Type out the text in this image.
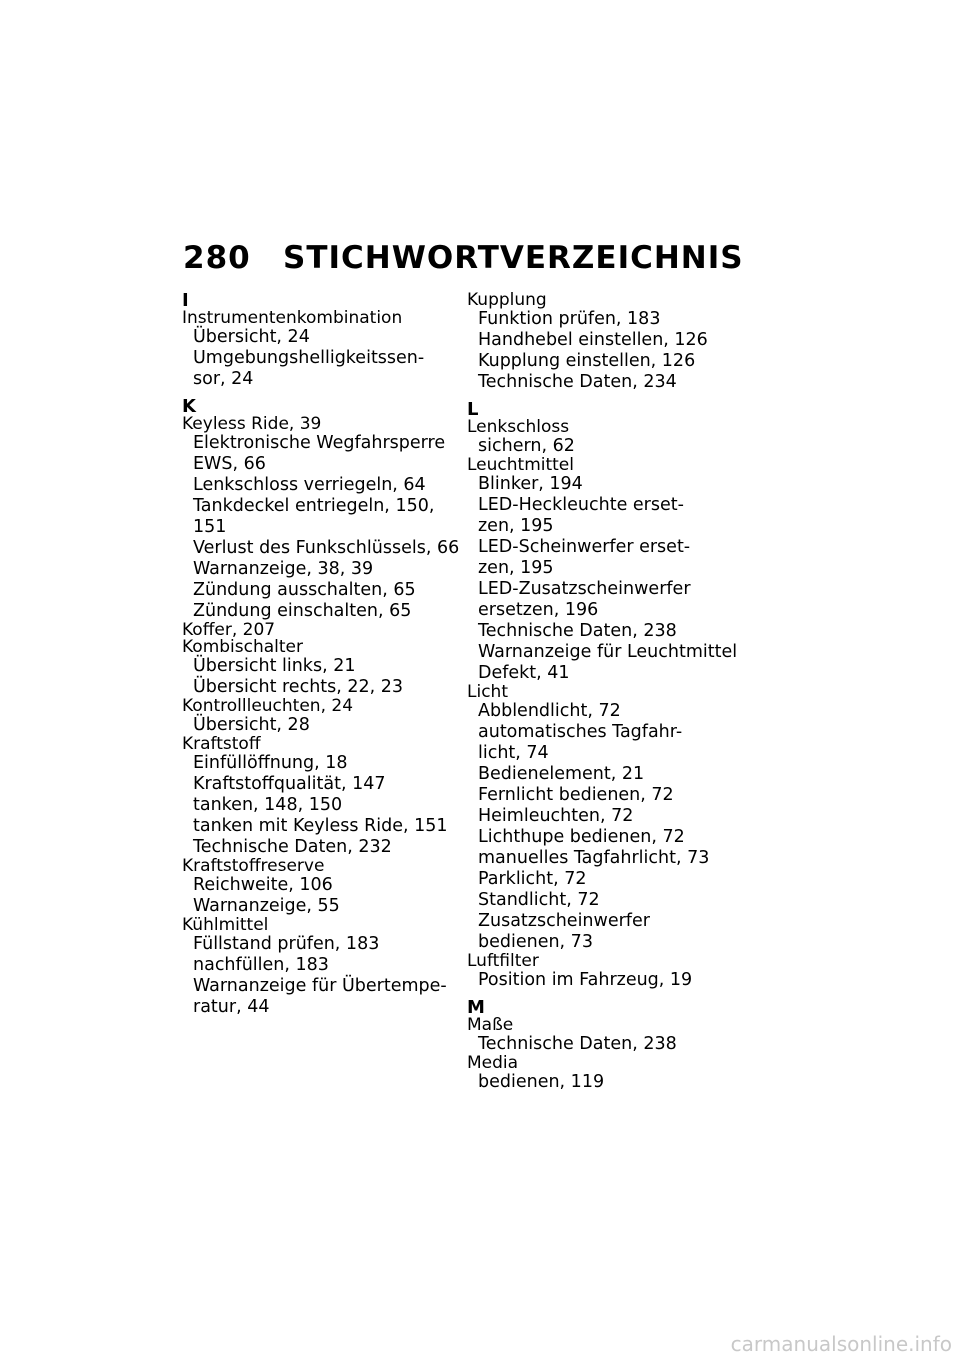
280 STICHWORTVERZEICHNIS
I
Instrumentenkombination
Übersicht, 24
Umgebungshelligkeitssen-
sor, 24
K
Keyless Ride, 39
Elektronische Wegfahrsperre
EWS, 66
Lenkschloss verriegeln, 64
Tankdeckel entriegeln, 150,
151
Verlust des Funkschlüssels, 66
Warnanzeige, 38, 39
Zündung ausschalten, 65
Zündung einschalten, 65
Koffer, 207
Kombischalter
Übersicht links, 21
Übersicht rechts, 22, 23
Kontrollleuchten, 24
Übersicht, 28
Kraftstoff
Einfüllöffnung, 18
Kraftstoffqualität, 147
tanken, 148, 150
tanken mit Keyless Ride, 151
Technische Daten, 232
Kraftstoffreserve
Reichweite, 106
Warnanzeige, 55
Kühlmittel
Füllstand prüfen, 183
nachfüllen, 183
Warnanzeige für Übertempe-
ratur, 44
Kupplung
Funktion prüfen, 183
Handhebel einstellen, 126
Kupplung einstellen, 126
Technische Daten, 234
L
Lenkschloss
sichern, 62
Leuchtmittel
Blinker, 194
LED-Heckleuchte erset-
zen, 195
LED-Scheinwerfer erset-
zen, 195
LED-Zusatzscheinwerfer
ersetzen, 196
Technische Daten, 238
Warnanzeige für Leuchtmittel
Defekt, 41
Licht
Abblendlicht, 72
automatisches Tagfahr-
licht, 74
Bedienelement, 21
Fernlicht bedienen, 72
Heimleuchten, 72
Lichthupe bedienen, 72
manuelles Tagfahrlicht, 73
Parklicht, 72
Standlicht, 72
Zusatzscheinwerfer
bedienen, 73
Luftfilter
Position im Fahrzeug, 19
M
Maße
Technische Daten, 238
Media
bedienen, 119
carmanualsonline.info
